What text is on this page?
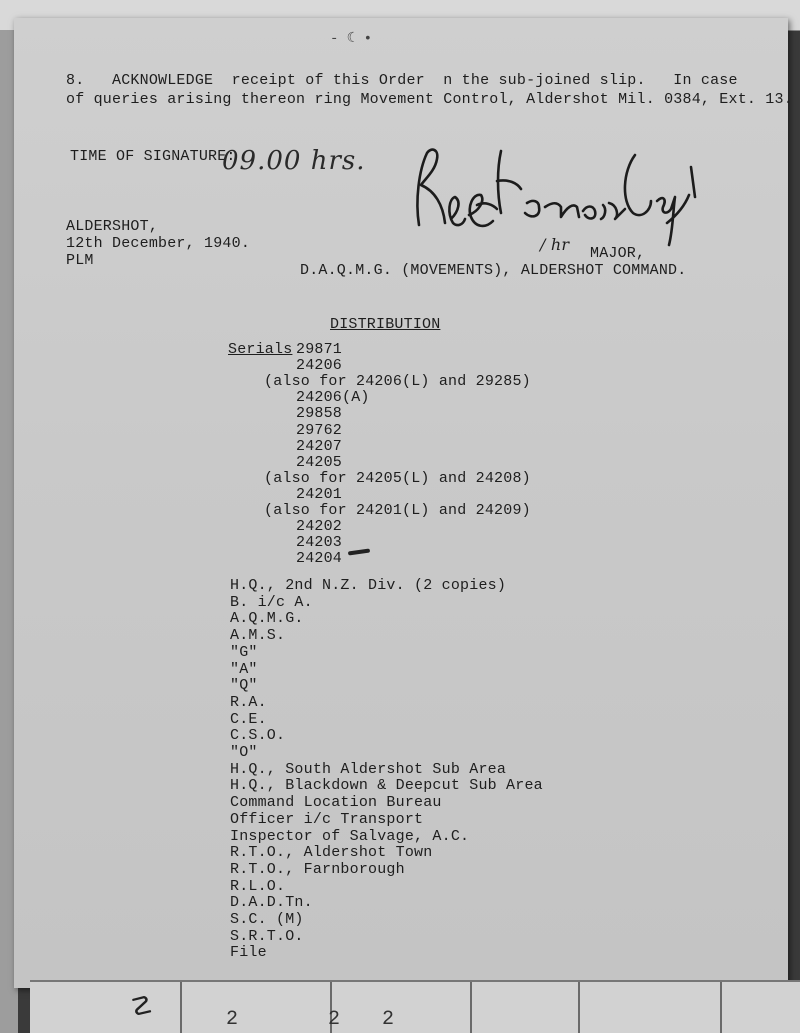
- ☾ •
8.   ACKNOWLEDGE  receipt of this Order  n the sub-joined slip.   In case
of queries arising thereon ring Movement Control, Aldershot Mil. 0384, Ext. 13.
TIME OF SIGNATURE:
09.00 hrs.
/ hr
ALDERSHOT,
12th December, 1940.
PLM	MAJOR,
D.A.Q.M.G. (MOVEMENTS), ALDERSHOT COMMAND.
DISTRIBUTION
Serials 29871
24206
(also for 24206(L) and 29285)
24206(A)
29858
29762
24207
24205
(also for 24205(L) and 24208)
24201
(also for 24201(L) and 24209)
24202
24203
24204
H.Q., 2nd N.Z. Div. (2 copies)
B. i/c A.
A.Q.M.G.
A.M.S.
"G"
"A"
"Q"
R.A.
C.E.
C.S.O.
"O"
H.Q., South Aldershot Sub Area
H.Q., Blackdown & Deepcut Sub Area
Command Location Bureau
Officer i/c Transport
Inspector of Salvage, A.C.
R.T.O., Aldershot Town
R.T.O., Farnborough
R.L.O.
D.A.D.Tn.
S.C. (M)
S.R.T.O.
File
☡	2	2 2
